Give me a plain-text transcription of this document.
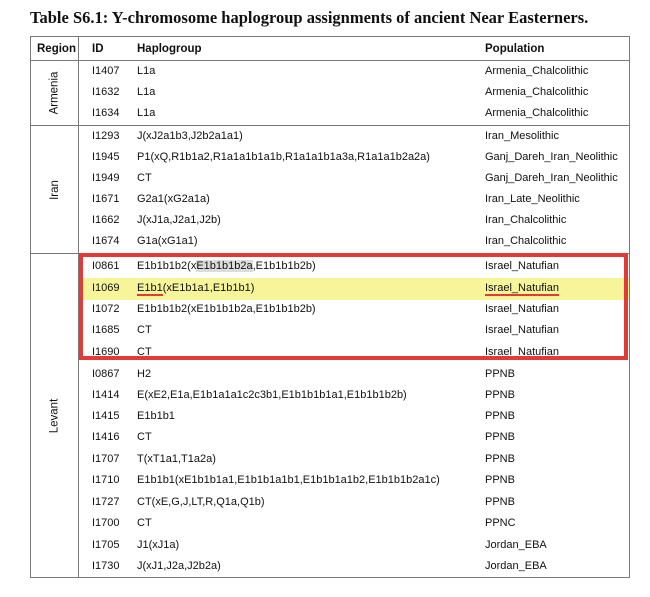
Table S6.1: Y-chromosome haplogroup assignments of ancient Near Easterners.
Region ID	Haplogroup	Population
Armenia
I1407 L1a	Armenia_Chalcolithic
I1632 L1a	Armenia_Chalcolithic
I1634 L1a	Armenia_Chalcolithic
Iran
I1293 J(xJ2a1b3,J2b2a1a1)	Iran_Mesolithic
I1945 P1(xQ,R1b1a2,R1a1a1b1a1b,R1a1a1b1a3a,R1a1a1b2a2a)	Ganj_Dareh_Iran_Neolithic
I1949 CT	Ganj_Dareh_Iran_Neolithic
I1671 G2a1(xG2a1a)	Iran_Late_Neolithic
I1662 J(xJ1a,J2a1,J2b)	Iran_Chalcolithic
I1674 G1a(xG1a1)	Iran_Chalcolithic
Levant
I0861 E1b1b1b2(xE1b1b1b2a,E1b1b1b2b)	Israel_Natufian
I1069 E1b1(xE1b1a1,E1b1b1)	Israel_Natufian
I1072 E1b1b1b2(xE1b1b1b2a,E1b1b1b2b)	Israel_Natufian
I1685 CT	Israel_Natufian
I1690 CT	Israel_Natufian
I0867 H2	PPNB
I1414 E(xE2,E1a,E1b1a1a1c2c3b1,E1b1b1b1a1,E1b1b1b2b)	PPNB
I1415 E1b1b1	PPNB
I1416 CT	PPNB
I1707 T(xT1a1,T1a2a)	PPNB
I1710 E1b1b1(xE1b1b1a1,E1b1b1a1b1,E1b1b1a1b2,E1b1b1b2a1c)	PPNB
I1727 CT(xE,G,J,LT,R,Q1a,Q1b)	PPNB
I1700 CT	PPNC
I1705 J1(xJ1a)	Jordan_EBA
I1730 J(xJ1,J2a,J2b2a)	Jordan_EBA
